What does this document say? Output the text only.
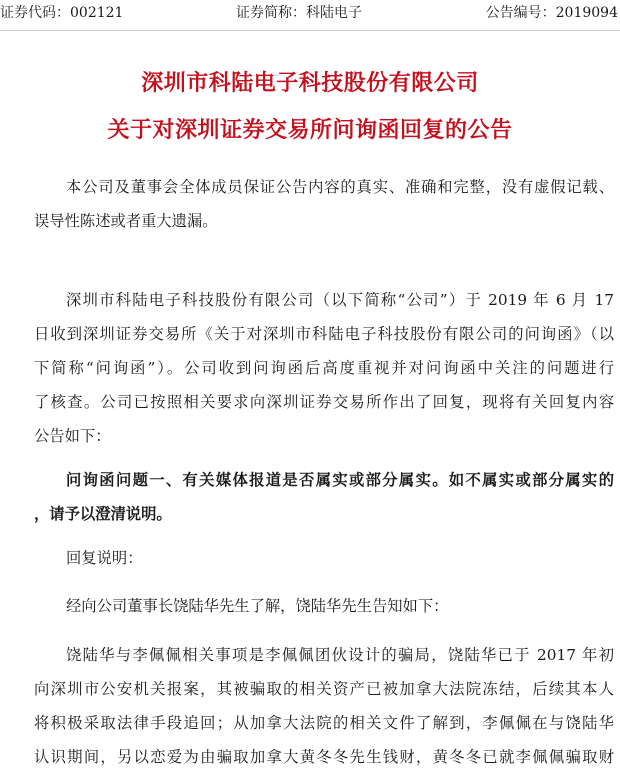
证券代码：002121	证券简称：科陆电子	公告编号：2019094
深圳市科陆电子科技股份有限公司
关于对深圳证券交易所问询函回复的公告
本公司及董事会全体成员保证公告内容的真实、准确和完整，没有虚假记载、
误导性陈述或者重大遗漏。
深圳市科陆电子科技股份有限公司（以下简称“公司”）于 2019 年 6 月 17
日收到深圳证券交易所《关于对深圳市科陆电子科技股份有限公司的问询函》（以
下简称“问询函”）。公司收到问询函后高度重视并对问询函中关注的问题进行
了核查。公司已按照相关要求向深圳证券交易所作出了回复，现将有关回复内容
公告如下：
问询函问题一、有关媒体报道是否属实或部分属实。如不属实或部分属实的
，请予以澄清说明。
回复说明：
经向公司董事长饶陆华先生了解，饶陆华先生告知如下：
饶陆华与李佩佩相关事项是李佩佩团伙设计的骗局，饶陆华已于 2017 年初
向深圳市公安机关报案，其被骗取的相关资产已被加拿大法院冻结，后续其本人
将积极采取法律手段追回；从加拿大法院的相关文件了解到，李佩佩在与饶陆华
认识期间，另以恋爱为由骗取加拿大黄冬冬先生钱财，黄冬冬已就李佩佩骗取财
